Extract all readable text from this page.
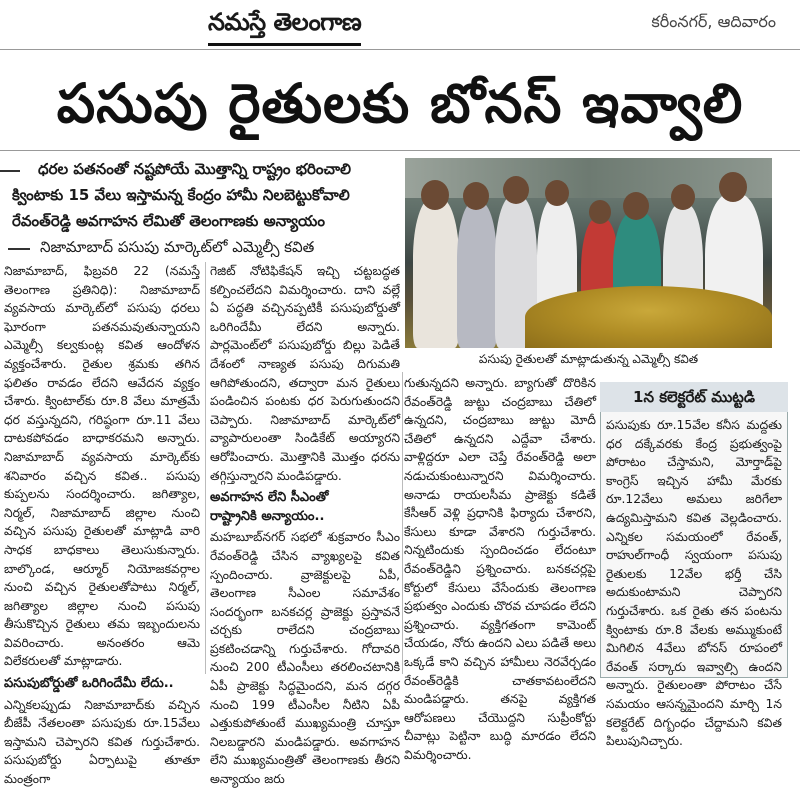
నమస్తే తెలంగాణ	కరీంనగర్, ఆదివారం
పసుపు రైతులకు బోనస్ ఇవ్వాలి
ధరల పతనంతో నష్టపోయే మొత్తాన్ని రాష్ట్రం భరించాలి
క్వింటాకు 15 వేలు ఇస్తామన్న కేంద్రం హామీ నిలబెట్టుకోవాలి
రేవంత్‌రెడ్డి అవగాహన లేమితో తెలంగాణకు అన్యాయం
నిజామాబాద్ పసుపు మార్కెట్‌లో ఎమ్మెల్సీ కవిత
పసుపు రైతులతో మాట్లాడుతున్న ఎమ్మెల్సీ కవిత

నిజామాబాద్, ఫిబ్రవరి 22 (నమస్తే తెలంగాణ ప్రతినిధి): నిజామాబాద్ వ్యవసాయ మార్కెట్‌లో పసుపు ధరలు ఘోరంగా పతనమవుతున్నాయని ఎమ్మెల్సీ కల్వకుంట్ల కవిత ఆందోళన వ్యక్తంచేశారు. రైతుల శ్రమకు తగిన ఫలితం రావడం లేదని ఆవేదన వ్యక్తం చేశారు. క్వింటాల్‌కు రూ.8 వేలు మాత్రమే ధర వస్తున్నదని, గరిష్ఠంగా రూ.11 వేలు దాటకపోవడం బాధాకరమని అన్నారు. నిజామాబాద్ వ్యవసాయ మార్కెట్‌కు శనివారం వచ్చిన కవిత.. పసుపు కుప్పలను సందర్శించారు. జగిత్యాల, నిర్మల్, నిజామాబాద్ జిల్లాల నుంచి వచ్చిన పసుపు రైతులతో మాట్లాడి వారి సాధక బాధకాలు తెలుసుకున్నారు. బాల్కొండ, ఆర్మూర్ నియోజకవర్గాల నుంచి వచ్చిన రైతులతోపాటు నిర్మల్, జగిత్యాల జిల్లాల నుంచి పసుపు తీసుకొచ్చిన రైతులు తమ ఇబ్బందులను వివరించారు. అనంతరం ఆమె విలేకరులతో మాట్లాడారు.

పసుపుబోర్డుతో ఒరిగిందేమీ లేదు..

ఎన్నికలప్పుడు నిజామాబాద్‌కు వచ్చిన బీజేపీ నేతలంతా పసుపుకు రూ.15వేలు ఇస్తామని చెప్పారని కవిత గుర్తుచేశారు. పసుపుబోర్డు ఏర్పాటుపై తూతూ మంత్రంగా

గెజిట్ నోటిఫికేషన్ ఇచ్చి చట్టబద్ధత కల్పించలేదని విమర్శించారు. దాని వల్లే ఏ పద్ధతి వచ్చినప్పటికీ పసుపుబోర్డుతో ఒరిగిందేమీ లేదని అన్నారు. పార్లమెంట్‌లో పసుపుబోర్డు బిల్లు పెడితే దేశంలో నాణ్యత పసుపు దిగుమతి ఆగిపోతుందని, తద్వారా మన రైతులు పండించిన పంటకు ధర పెరుగుతుందని చెప్పారు. నిజామాబాద్ మార్కెట్‌లో వ్యాపారులంతా సిండికేట్ అయ్యారని ఆరోపించారు. మొత్తానికి మొత్తం ధరను తగ్గిస్తున్నారని మండిపడ్డారు.

అవగాహన లేని సీఎంతో
రాష్ట్రానికి అన్యాయం..

మహబూబ్‌నగర్ సభలో శుక్రవారం సీఎం రేవంత్‌రెడ్డి చేసిన వ్యాఖ్యలపై కవిత స్పందించారు. వ్రాజెక్టులపై ఏపీ, తెలంగాణ సీఎంల సమావేశం సందర్భంగా బనకచర్ల ప్రాజెక్టు ప్రస్తావనే చర్చకు రాలేదని చంద్రబాబు ప్రకటించడాన్ని గుర్తుచేశారు. గోదావరి నుంచి 200 టీఎంసీలు తరలించటానికి ఏపీ ప్రాజెక్టు సిద్ధమైందని, మన దగ్గర నుంచి 199 టీఎంసీల నీటిని ఏపీ ఎత్తుకుపోతుంటే ముఖ్యమంత్రి చూస్తూ నిలబడ్డారని మండిపడ్డారు. అవగాహన లేని ముఖ్యమంత్రితో తెలంగాణకు తీరని అన్యాయం జరు

గుతున్నదని అన్నారు. బ్యాగుతో దొరికిన రేవంత్‌రెడ్డి జుట్టు చంద్రబాబు చేతిలో ఉన్నదని, చంద్రబాబు జుట్టు మోదీ చేతిలో ఉన్నదని ఎద్దేవా చేశారు. వాళ్లిద్దరూ ఎలా చెప్తే రేవంత్‌రెడ్డి అలా నడుచుకుంటున్నారని విమర్శించారు. అనాడు రాయలసీమ ప్రాజెక్టు కడితే కేసీఆర్ వెళ్లి ప్రధానికి ఫిర్యాదు చేశారని, కేసులు కూడా వేశారని గుర్తుచేశారు. నిన్నటిందుకు స్పందించడం లేదంటూ రేవంత్‌రెడ్డిని ప్రశ్నించారు. బనకచర్లపై కోర్టులో కేసులు వేసేందుకు తెలంగాణ ప్రభుత్వం ఎందుకు చొరవ చూపడం లేదని ప్రశ్నించారు. వ్యక్తిగతంగా కామెంట్ చేయడం, నోరు ఉందని ఎలు పడితే అలు ఒక్కడే కాని వచ్చిన హామీలు నెరవేర్చడం రేవంత్‌రెడ్డికి చాతకావటంలేదని మండిపడ్డారు. తనపై వ్యక్తిగత ఆరోపణలు చేయొద్దని సుప్రీంకోర్టు చీవాట్లు పెట్టినా బుద్ధి మారడం లేదని విమర్శించారు.

1న కలెక్టరేట్ ముట్టడి

పసుపుకు రూ.15వేల కనీస మద్దతు ధర దక్కేవరకు కేంద్ర ప్రభుత్వంపై పోరాటం చేస్తామని, మోర్తాడ్‌పై కాంగ్రెస్ ఇచ్చిన హామీ మేరకు రూ.12వేలు అమలు జరిగేలా ఉద్యమిస్తామని కవిత వెల్లడించారు. ఎన్నికల సమయంలో రేవంత్, రాహుల్‌గాంధీ స్వయంగా పసుపు రైతులకు 12వేల భర్తీ చేసి అదుకుంటామని చెప్పారని గుర్తుచేశారు. ఒక రైతు తన పంటను క్వింటాకు రూ.8 వేలకు అమ్ముకుంటే మిగిలిన 4వేలు బోనస్ రూపంలో రేవంత్ సర్కారు ఇవ్వాల్సి ఉందని అన్నారు. రైతులంతా పోరాటం చేసే సమయం ఆసన్నమైందని మార్చి 1న కలెక్టరేట్ దిగ్బంధం చేద్దామని కవిత పిలుపునిచ్చారు.
